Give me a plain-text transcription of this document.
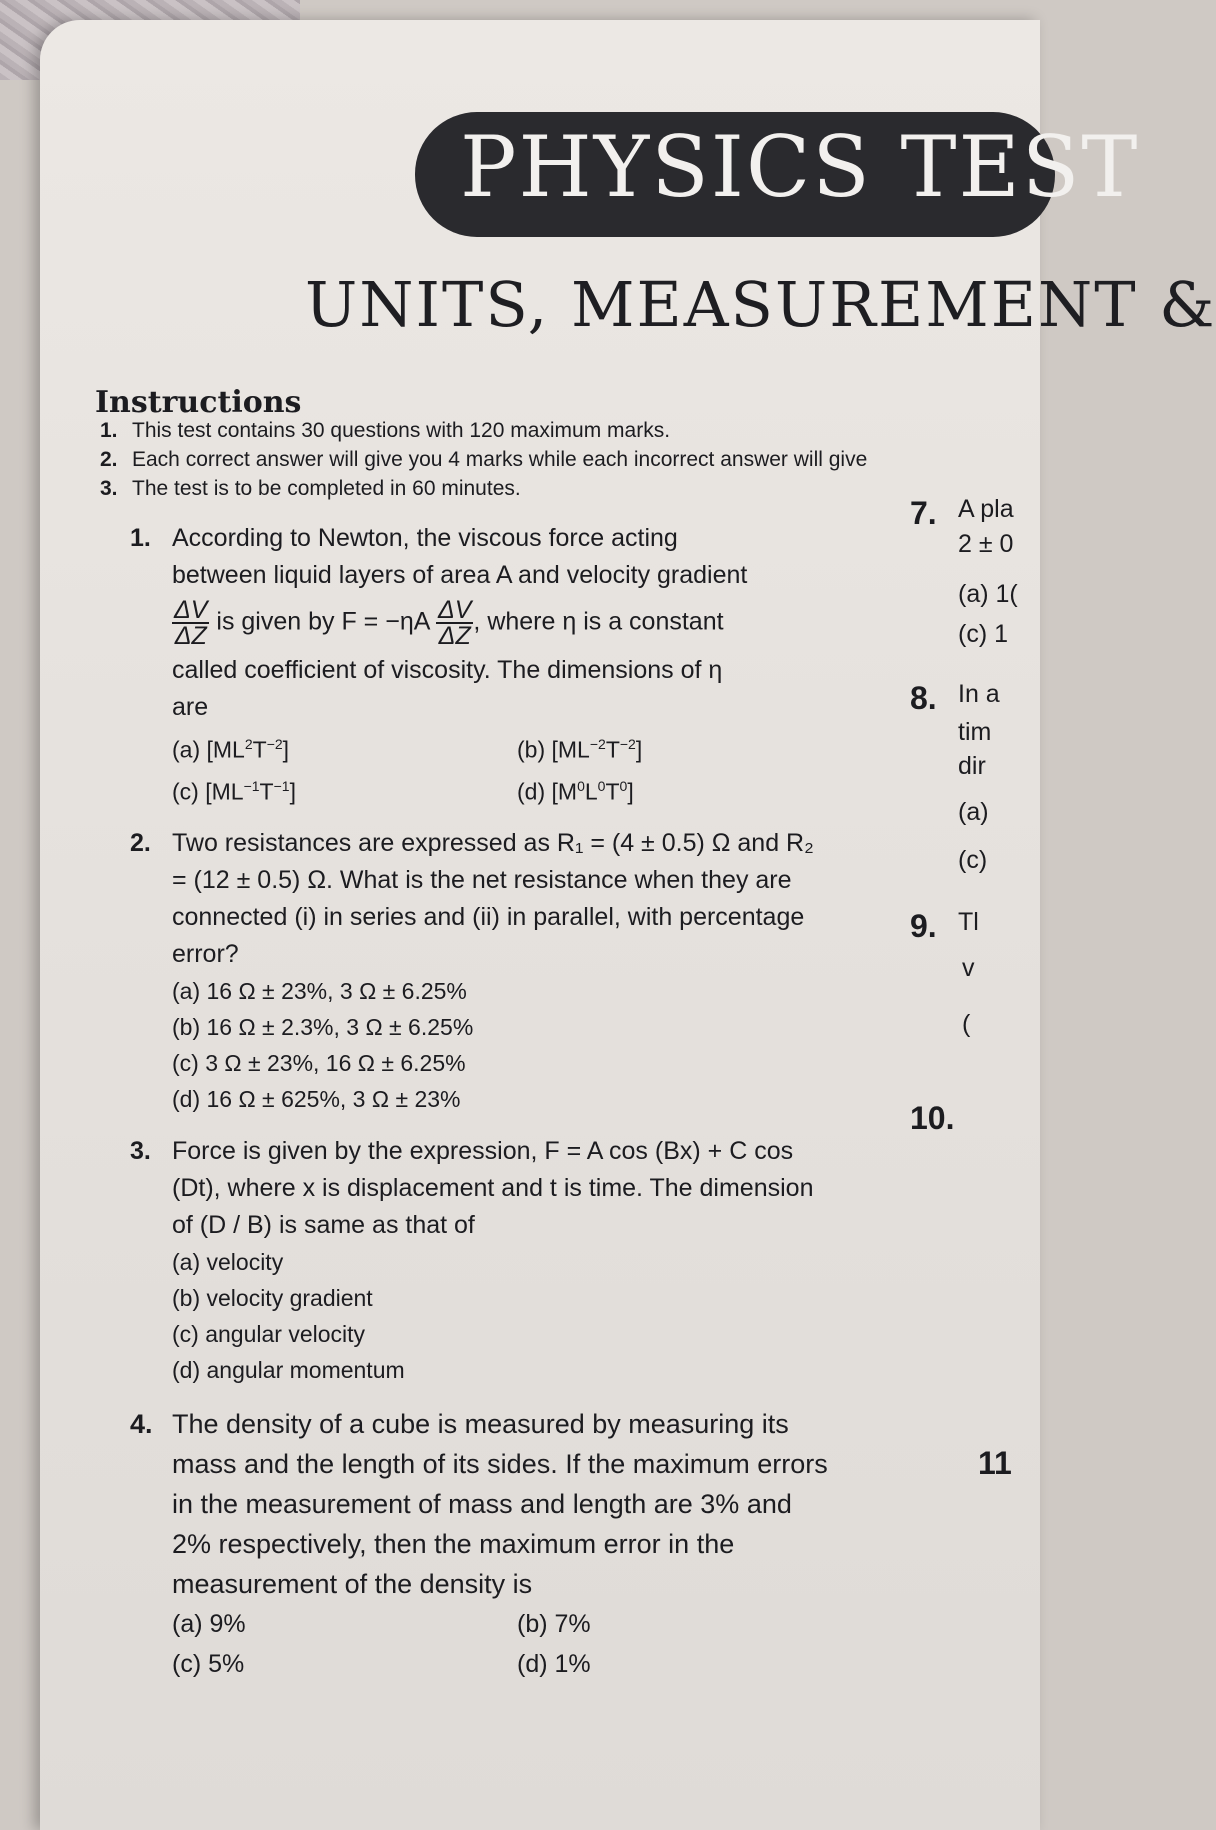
PHYSICS TEST
UNITS, MEASUREMENT &
Instructions
1. This test contains 30 questions with 120 maximum marks.
2. Each correct answer will give you 4 marks while each incorrect answer will give
3. The test is to be completed in 60 minutes.
1. According to Newton, the viscous force acting
between liquid layers of area A and velocity gradient
$\frac{\Delta V}{\Delta Z}$ is given by $F = -\eta A \frac{\Delta V}{\Delta Z}$ , where η is a constant
called coefficient of viscosity. The dimensions of η
are
(a) $[ML^2T^{-2}]$	(b) $[ML^{-2}T^{-2}]$
(c) $[ML^{-1}T^{-1}]$	(d) $[M^0L^0T^0]$
2. Two resistances are expressed as R₁ = (4 ± 0.5) Ω and R₂ = (12 ± 0.5) Ω. What is the net resistance when they are connected (i) in series and (ii) in parallel, with percentage error?
(a) 16 Ω ± 23%, 3 Ω ± 6.25%
(b) 16 Ω ± 2.3%, 3 Ω ± 6.25%
(c) 3 Ω ± 23%, 16 Ω ± 6.25%
(d) 16 Ω ± 625%, 3 Ω ± 23%
3. Force is given by the expression, F = A cos (Bx) + C cos (Dt), where x is displacement and t is time. The dimension of (D / B) is same as that of
(a) velocity
(b) velocity gradient
(c) angular velocity
(d) angular momentum
4. The density of a cube is measured by measuring its mass and the length of its sides. If the maximum errors in the measurement of mass and length are 3% and 2% respectively, then the maximum error in the measurement of the density is
(a) 9%	(b) 7%
(c) 5%	(d) 1%
7. A pla
2 ± 0
(a) 1(
(c) 1
8. In a
tim
dir
(a)
(c)
9. Tl
v
(
10.
11
